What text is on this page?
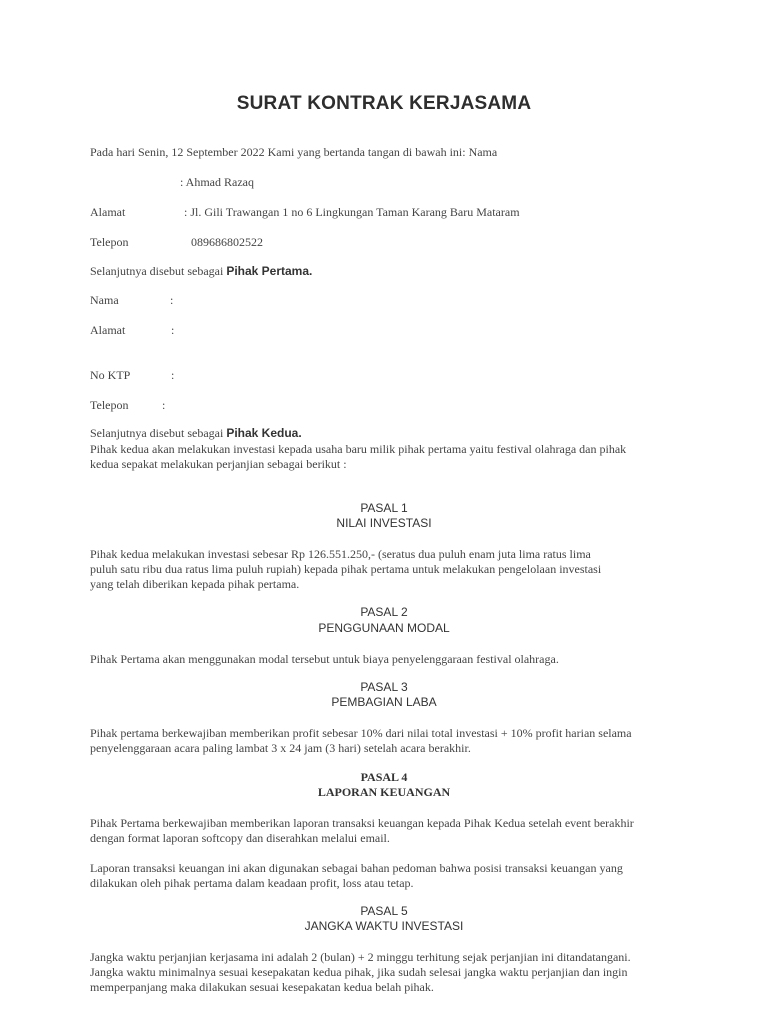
SURAT KONTRAK KERJASAMA
Pada hari Senin, 12 September 2022 Kami yang bertanda tangan di bawah ini: Nama
: Ahmad Razaq
Alamat	: Jl. Gili Trawangan 1 no 6 Lingkungan Taman Karang Baru Mataram
Telepon	089686802522
Selanjutnya disebut sebagai Pihak Pertama.
Nama	:
Alamat	:
No KTP	:
Telepon	:
Selanjutnya disebut sebagai Pihak Kedua.
Pihak kedua akan melakukan investasi kepada usaha baru milik pihak pertama yaitu festival olahraga dan pihak
kedua sepakat melakukan perjanjian sebagai berikut :
PASAL 1
NILAI INVESTASI
Pihak kedua melakukan investasi sebesar Rp 126.551.250,- (seratus dua puluh enam juta lima ratus lima
puluh satu ribu dua ratus lima puluh rupiah) kepada pihak pertama untuk melakukan pengelolaan investasi
yang telah diberikan kepada pihak pertama.
PASAL 2
PENGGUNAAN MODAL
Pihak Pertama akan menggunakan modal tersebut untuk biaya penyelenggaraan festival olahraga.
PASAL 3
PEMBAGIAN LABA
Pihak pertama berkewajiban memberikan profit sebesar 10% dari nilai total investasi + 10% profit harian selama
penyelenggaraan acara paling lambat 3 x 24 jam (3 hari) setelah acara berakhir.
PASAL 4
LAPORAN KEUANGAN
Pihak Pertama berkewajiban memberikan laporan transaksi keuangan kepada Pihak Kedua setelah event berakhir
dengan format laporan softcopy dan diserahkan melalui email.
Laporan transaksi keuangan ini akan digunakan sebagai bahan pedoman bahwa posisi transaksi keuangan yang
dilakukan oleh pihak pertama dalam keadaan profit, loss atau tetap.
PASAL 5
JANGKA WAKTU INVESTASI
Jangka waktu perjanjian kerjasama ini adalah 2 (bulan) + 2 minggu terhitung sejak perjanjian ini ditandatangani.
Jangka waktu minimalnya sesuai kesepakatan kedua pihak, jika sudah selesai jangka waktu perjanjian dan ingin
memperpanjang maka dilakukan sesuai kesepakatan kedua belah pihak.
